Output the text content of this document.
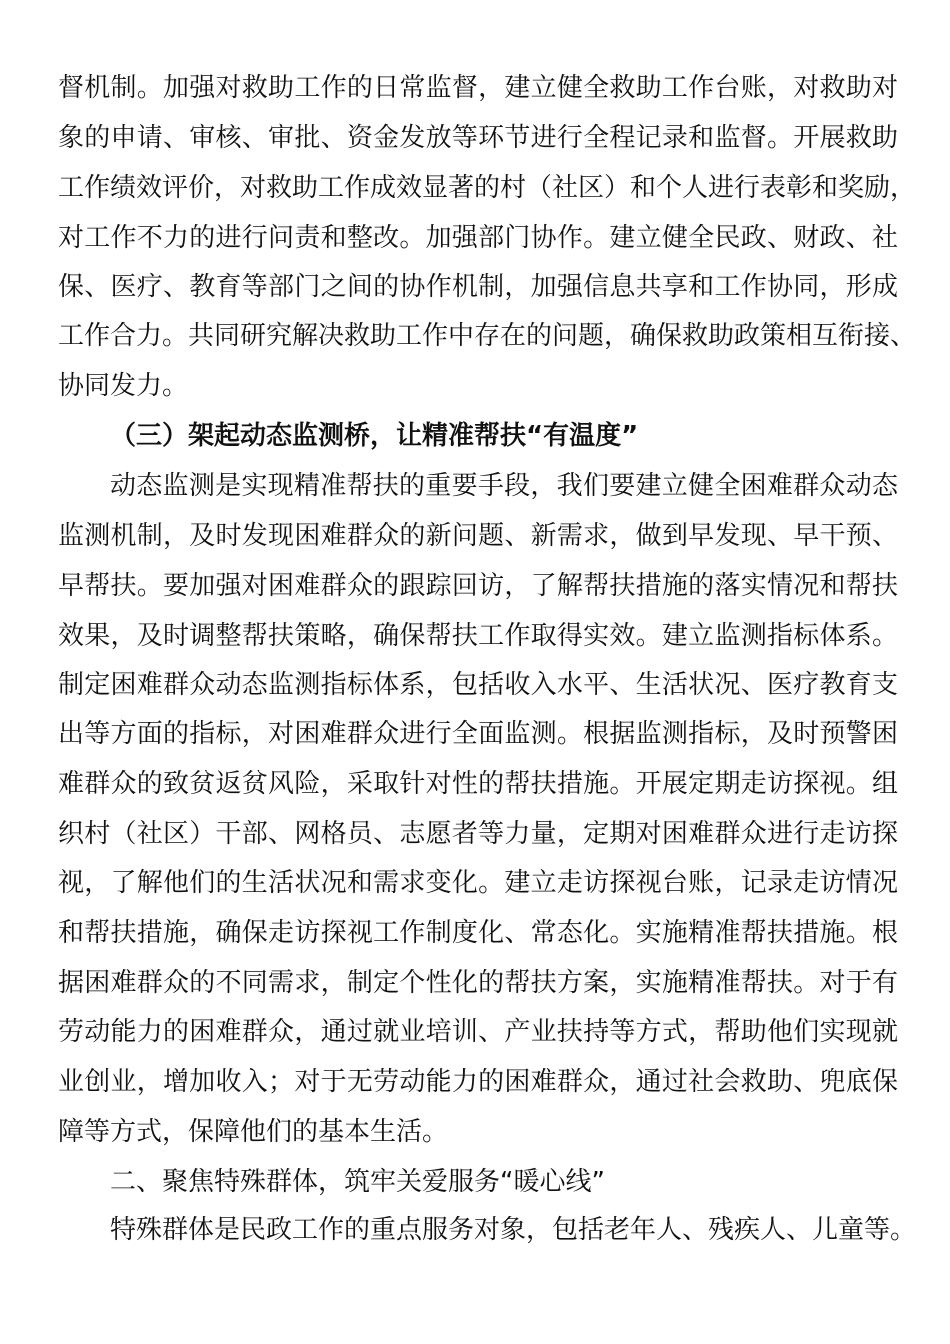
督机制。加强对救助工作的日常监督，建立健全救助工作台账，对救助对
象的申请、审核、审批、资金发放等环节进行全程记录和监督。开展救助
工作绩效评价，对救助工作成效显著的村（社区）和个人进行表彰和奖励，
对工作不力的进行问责和整改。加强部门协作。建立健全民政、财政、社
保、医疗、教育等部门之间的协作机制，加强信息共享和工作协同，形成
工作合力。共同研究解决救助工作中存在的问题，确保救助政策相互衔接、
协同发力。
（三）架起动态监测桥，让精准帮扶“有温度”
动态监测是实现精准帮扶的重要手段，我们要建立健全困难群众动态
监测机制，及时发现困难群众的新问题、新需求，做到早发现、早干预、
早帮扶。要加强对困难群众的跟踪回访，了解帮扶措施的落实情况和帮扶
效果，及时调整帮扶策略，确保帮扶工作取得实效。建立监测指标体系。
制定困难群众动态监测指标体系，包括收入水平、生活状况、医疗教育支
出等方面的指标，对困难群众进行全面监测。根据监测指标，及时预警困
难群众的致贫返贫风险，采取针对性的帮扶措施。开展定期走访探视。组
织村（社区）干部、网格员、志愿者等力量，定期对困难群众进行走访探
视，了解他们的生活状况和需求变化。建立走访探视台账，记录走访情况
和帮扶措施，确保走访探视工作制度化、常态化。实施精准帮扶措施。根
据困难群众的不同需求，制定个性化的帮扶方案，实施精准帮扶。对于有
劳动能力的困难群众，通过就业培训、产业扶持等方式，帮助他们实现就
业创业，增加收入；对于无劳动能力的困难群众，通过社会救助、兜底保
障等方式，保障他们的基本生活。
二、聚焦特殊群体，筑牢关爱服务“暖心线”
特殊群体是民政工作的重点服务对象，包括老年人、残疾人、儿童等。
